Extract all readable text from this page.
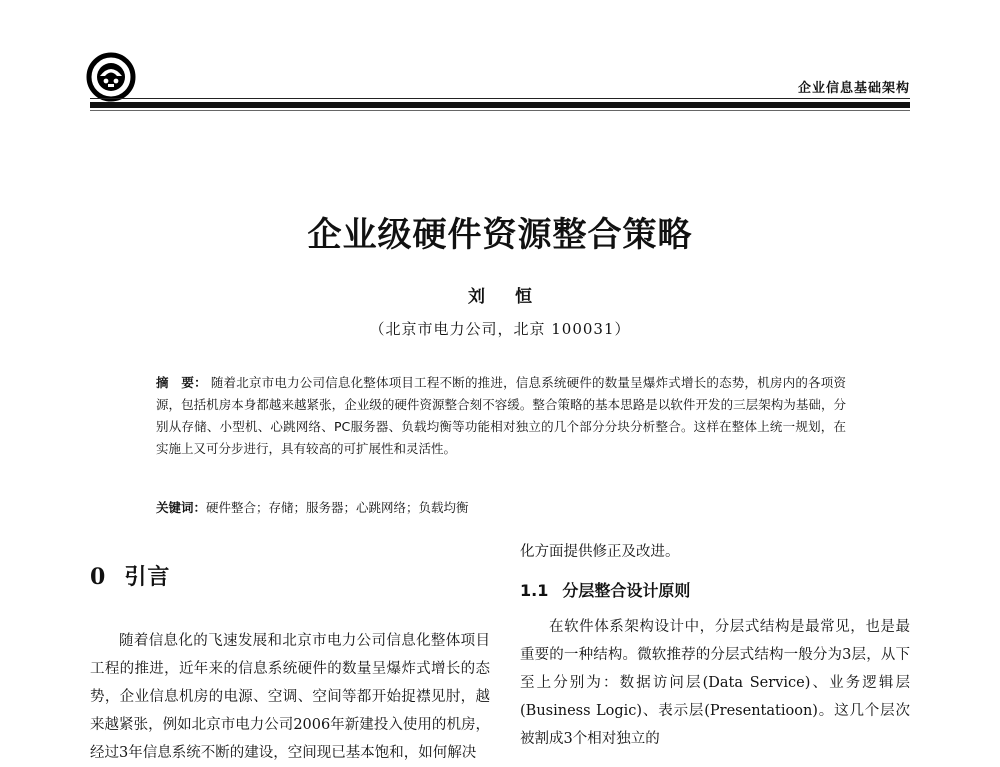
企业信息基础架构
企业级硬件资源整合策略
刘恒
（北京市电力公司，北京 100031）
摘　要： 随着北京市电力公司信息化整体项目工程不断的推进，信息系统硬件的数量呈爆炸式增长的态势，机房内的各项资源，包括机房本身都越来越紧张，企业级的硬件资源整合刻不容缓。整合策略的基本思路是以软件开发的三层架构为基础，分别从存储、小型机、心跳网络、PC服务器、负载均衡等功能相对独立的几个部分分块分析整合。这样在整体上统一规划，在实施上又可分步进行，具有较高的可扩展性和灵活性。
关键词：硬件整合；存储；服务器；心跳网络；负载均衡
0 引言

随着信息化的飞速发展和北京市电力公司信息化整体项目工程的推进，近年来的信息系统硬件的数量呈爆炸式增长的态势，企业信息机房的电源、空调、空间等都开始捉襟见肘，越来越紧张，例如北京市电力公司2006年新建投入使用的机房，经过3年信息系统不断的建设，空间现已基本饱和，如何解决

化方面提供修正及改进。

1.1 分层整合设计原则

在软件体系架构设计中，分层式结构是最常见，也是最重要的一种结构。微软推荐的分层式结构一般分为3层，从下至上分别为：数据访问层(Data Service)、业务逻辑层 (Business Logic)、表示层(Presentatioon)。这几个层次被割成3个相对独立的
